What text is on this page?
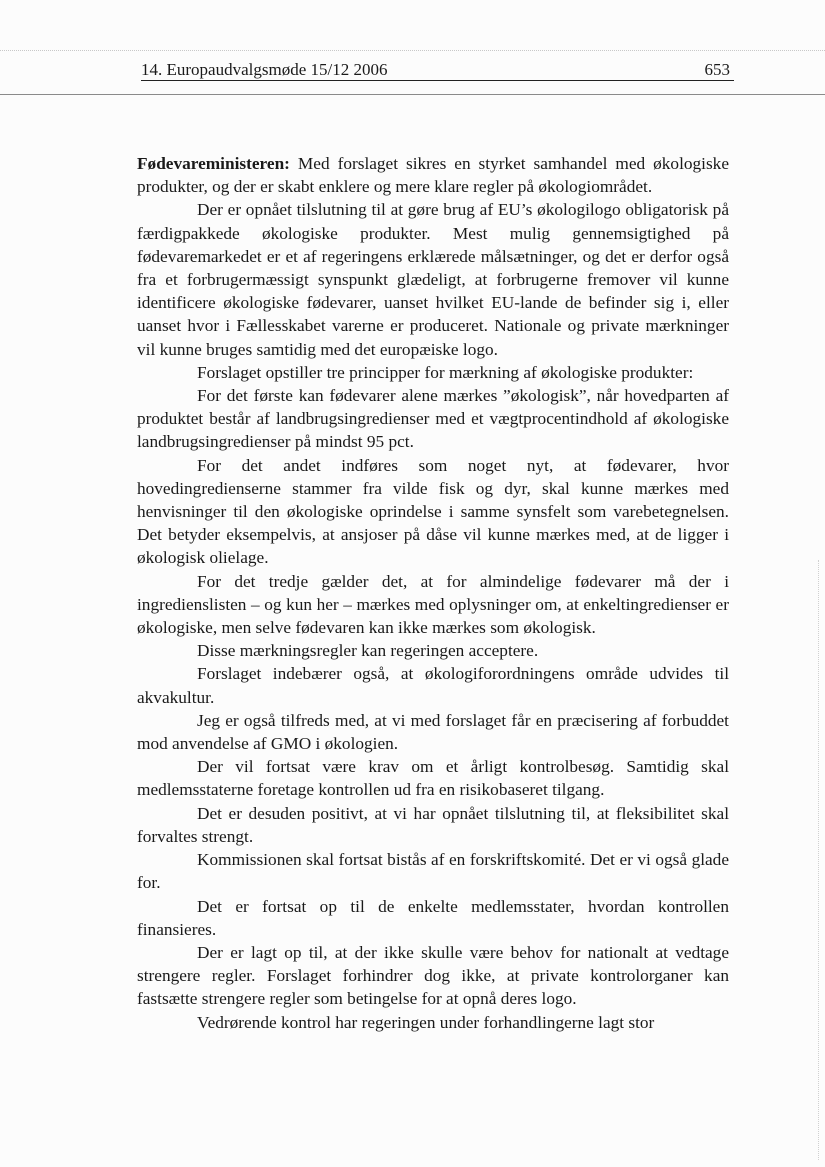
14. Europaudvalgsmøde 15/12 2006	653

Fødevareministeren: Med forslaget sikres en styrket samhandel med økologiske produkter, og der er skabt enklere og mere klare regler på økologiområdet.

Der er opnået tilslutning til at gøre brug af EU’s økologilogo obligatorisk på færdigpakkede økologiske produkter. Mest mulig gennemsigtighed på fødevaremarkedet er et af regeringens erklærede målsætninger, og det er derfor også fra et forbrugermæssigt synspunkt glædeligt, at forbrugerne fremover vil kunne identificere økologiske fødevarer, uanset hvilket EU-lande de befinder sig i, eller uanset hvor i Fællesskabet varerne er produceret. Nationale og private mærkninger vil kunne bruges samtidig med det europæiske logo.

Forslaget opstiller tre principper for mærkning af økologiske produkter:

For det første kan fødevarer alene mærkes ”økologisk”, når hovedparten af produktet består af landbrugsingredienser med et vægtprocentindhold af økologiske landbrugsingredienser på mindst 95 pct.

For det andet indføres som noget nyt, at fødevarer, hvor hovedingredienserne stammer fra vilde fisk og dyr, skal kunne mærkes med henvisninger til den økologiske oprindelse i samme synsfelt som varebetegnelsen. Det betyder eksempelvis, at ansjoser på dåse vil kunne mærkes med, at de ligger i økologisk olielage.

For det tredje gælder det, at for almindelige fødevarer må der i ingredienslisten – og kun her – mærkes med oplysninger om, at enkeltingredienser er økologiske, men selve fødevaren kan ikke mærkes som økologisk.

Disse mærkningsregler kan regeringen acceptere.

Forslaget indebærer også, at økologiforordningens område udvides til akvakultur.

Jeg er også tilfreds med, at vi med forslaget får en præcisering af forbuddet mod anvendelse af GMO i økologien.

Der vil fortsat være krav om et årligt kontrolbesøg. Samtidig skal medlemsstaterne foretage kontrollen ud fra en risikobaseret tilgang.

Det er desuden positivt, at vi har opnået tilslutning til, at fleksibilitet skal forvaltes strengt.

Kommissionen skal fortsat bistås af en forskriftskomité. Det er vi også glade for.

Det er fortsat op til de enkelte medlemsstater, hvordan kontrollen finansieres.

Der er lagt op til, at der ikke skulle være behov for nationalt at vedtage strengere regler. Forslaget forhindrer dog ikke, at private kontrolorganer kan fastsætte strengere regler som betingelse for at opnå deres logo.

Vedrørende kontrol har regeringen under forhandlingerne lagt stor
